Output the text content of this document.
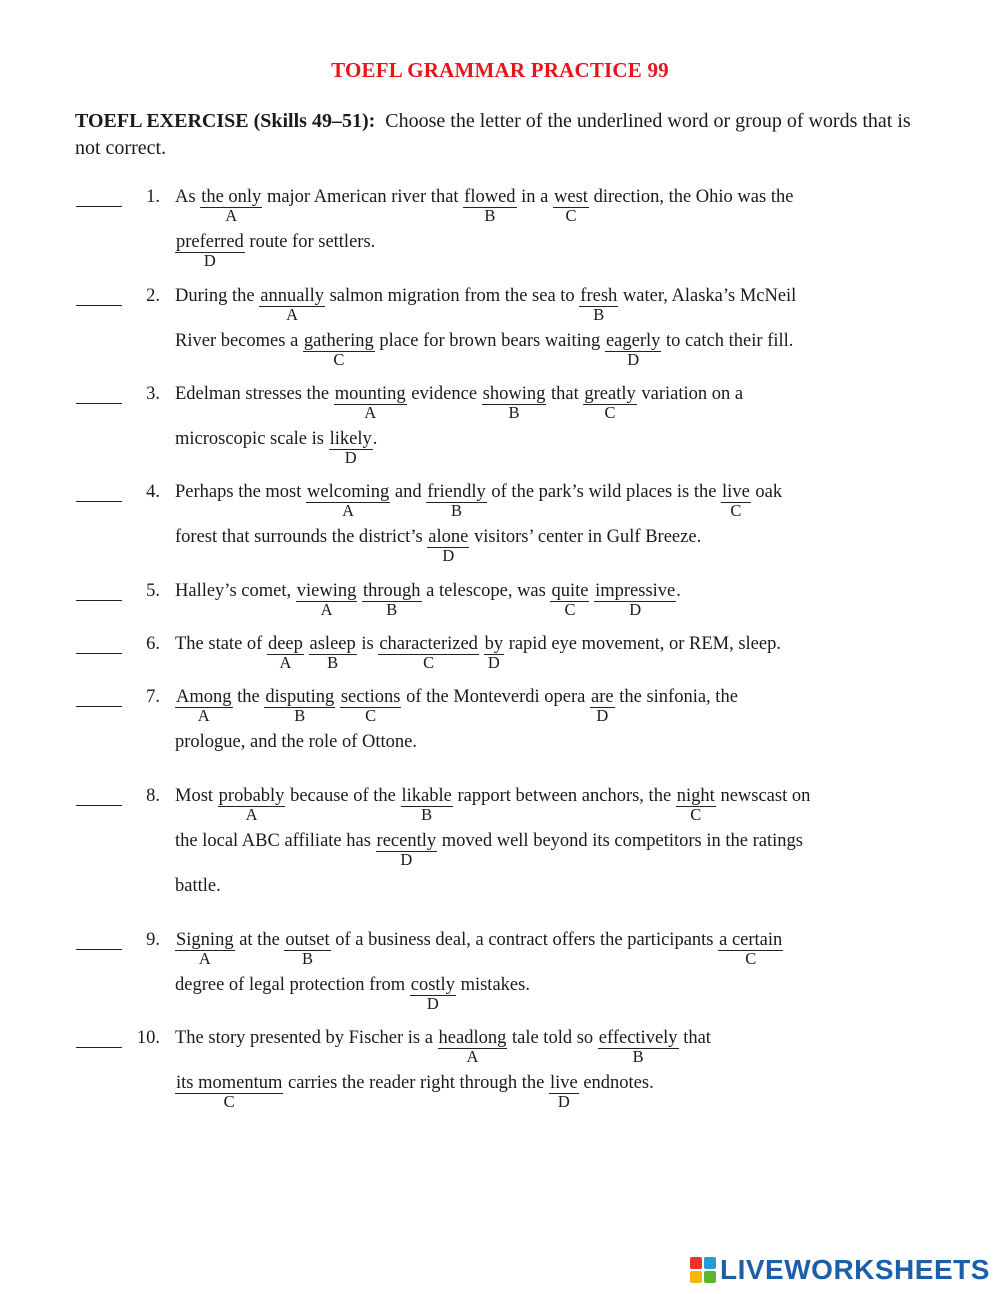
TOEFL GRAMMAR PRACTICE 99
TOEFL EXERCISE (Skills 49–51): Choose the letter of the underlined word or group of words that is not correct.
1. As the only
A
major American river that flowed
B
in a west
C
direction, the Ohio was the
preferred
D
route for settlers.
2. During the annually
A
salmon migration from the sea to fresh
B
water, Alaska’s McNeil
River becomes a gathering
C
place for brown bears waiting eagerly
D
to catch their fill.
3. Edelman stresses the mounting
A
evidence showing
B
that greatly
C
variation on a
microscopic scale is likely
D
.
4. Perhaps the most welcoming
A
and friendly
B
of the park’s wild places is the live
C
oak
forest that surrounds the district’s alone
D
visitors’ center in Gulf Breeze.
5. Halley’s comet, viewing
A
through
B
a telescope, was quite
C
impressive
D
.
6. The state of deep
A
asleep
B
is characterized
C
$\frac{by}{D}$ rapid eye movement, or REM, sleep.
7. Among
A
the disputing
B
sections
C
of the Monteverdi opera are
D
the sinfonia, the
prologue, and the role of Ottone.
8. Most probably
A
because of the likable
B
rapport between anchors, the night
C
newscast on
the local ABC affiliate has recently
D
moved well beyond its competitors in the ratings
battle.
9. Signing
A
at the outset
B
of a business deal, a contract offers the participants a certain
C
degree of legal protection from costly
D
mistakes.
10. The story presented by Fischer is a headlong
A
tale told so effectively
B
that
its momentum
C
carries the reader right through the live
D
endnotes.
LIVEWORKSHEETS
